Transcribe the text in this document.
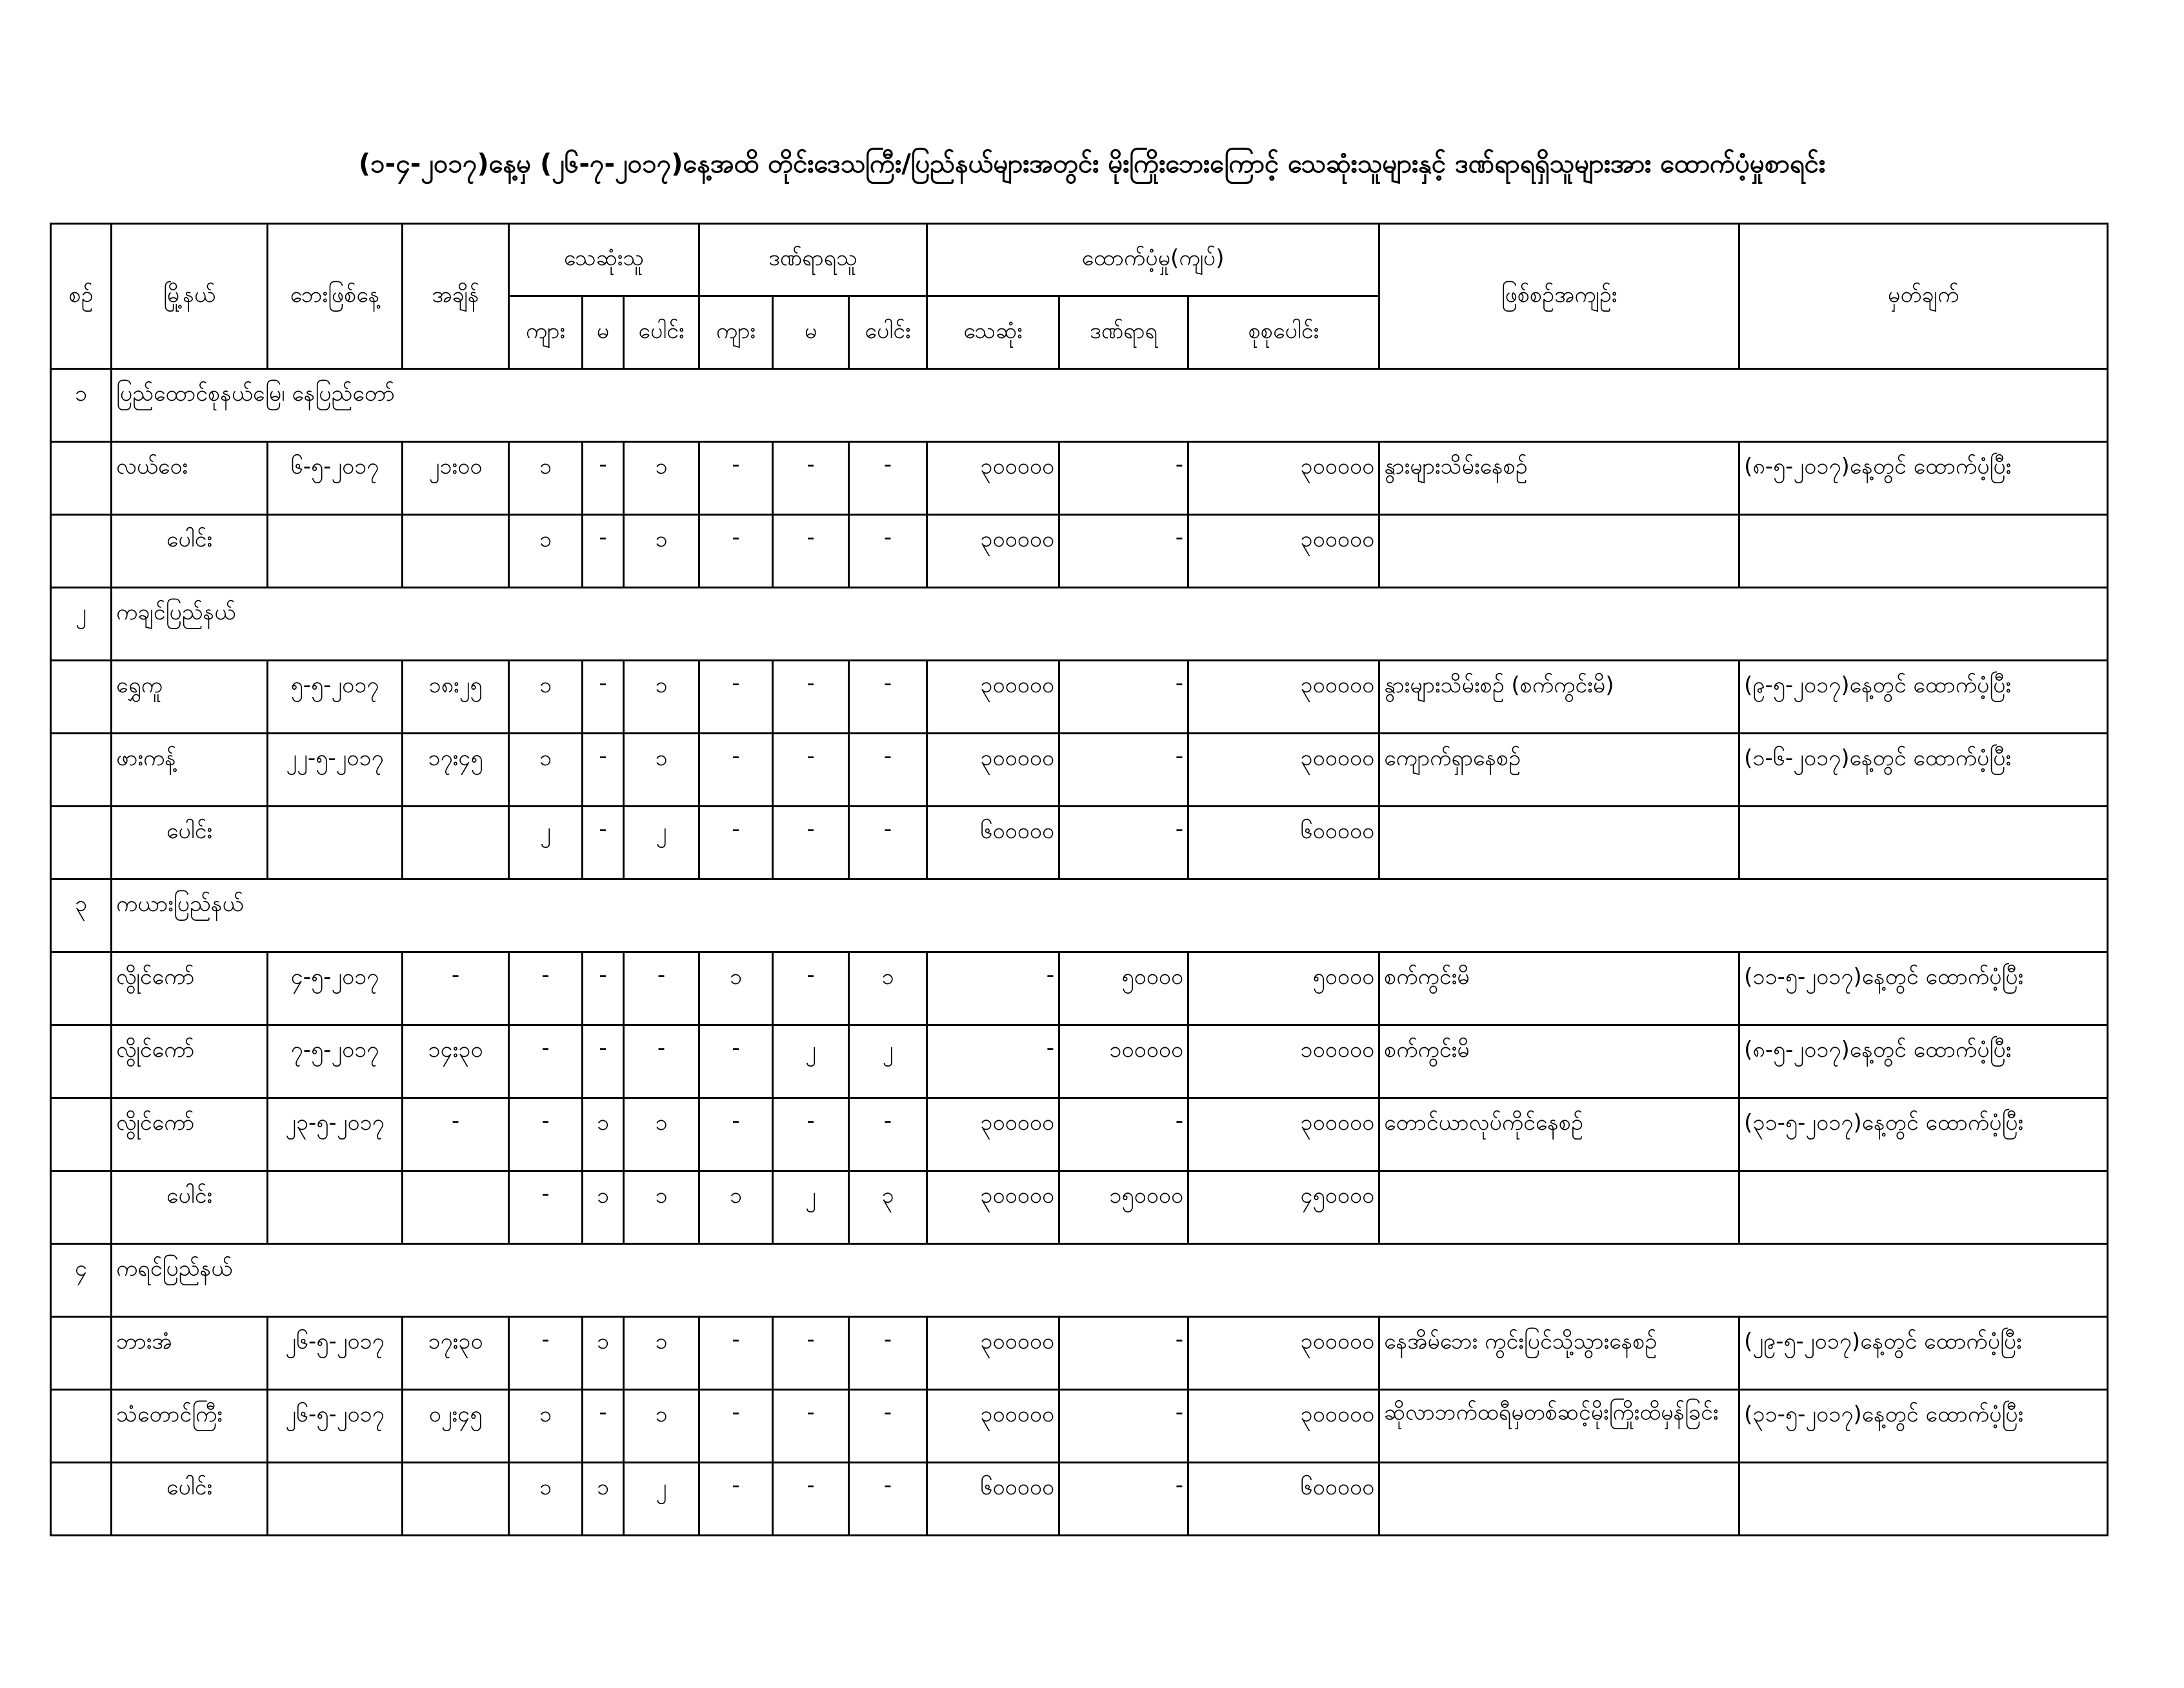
(၁-၄-၂၀၁၇)နေ့မှ (၂၆-၇-၂၀၁၇)နေ့အထိ တိုင်းဒေသကြီး/ပြည်နယ်များအတွင်း မိုးကြိုးဘေးကြောင့် သေဆုံးသူများနှင့် ဒဏ်ရာရရှိသူများအား ထောက်ပံ့မှုစာရင်း
စဉ်	မြို့နယ်	ဘေးဖြစ်နေ့	အချိန်	သေဆုံးသူ			ဒဏ်ရာရသူ			ထောက်ပံ့မှု(ကျပ်)			ဖြစ်စဉ်အကျဉ်း	မှတ်ချက်
				ကျား	မ	ပေါင်း	ကျား	မ	ပေါင်း	သေဆုံး	ဒဏ်ရာရ	စုစုပေါင်း		
၁	ပြည်ထောင်စုနယ်မြေ၊ နေပြည်တော်													
	လယ်ဝေး	၆-၅-၂၀၁၇	၂၁း၀၀	၁	-	၁	-	-	-	၃၀၀၀၀၀	-	၃၀၀၀၀၀	နွားများသိမ်းနေစဉ်	(၈-၅-၂၀၁၇)နေ့တွင် ထောက်ပံ့ပြီး
	ပေါင်း			၁	-	၁	-	-	-	၃၀၀၀၀၀	-	၃၀၀၀၀၀		
၂	ကချင်ပြည်နယ်													
	ရွှေကူ	၅-၅-၂၀၁၇	၁၈း၂၅	၁	-	၁	-	-	-	၃၀၀၀၀၀	-	၃၀၀၀၀၀	နွားများသိမ်းစဉ် (စက်ကွင်းမိ)	(၉-၅-၂၀၁၇)နေ့တွင် ထောက်ပံ့ပြီး
	ဖားကန့်	၂၂-၅-၂၀၁၇	၁၇း၄၅	၁	-	၁	-	-	-	၃၀၀၀၀၀	-	၃၀၀၀၀၀	ကျောက်ရှာနေစဉ်	(၁-၆-၂၀၁၇)နေ့တွင် ထောက်ပံ့ပြီး
	ပေါင်း			၂	-	၂	-	-	-	၆၀၀၀၀၀	-	၆၀၀၀၀၀		
၃	ကယားပြည်နယ်													
	လွိုင်ကော်	၄-၅-၂၀၁၇	-	-	-	-	၁	-	၁	-	၅၀၀၀၀	၅၀၀၀၀	စက်ကွင်းမိ	(၁၁-၅-၂၀၁၇)နေ့တွင် ထောက်ပံ့ပြီး
	လွိုင်ကော်	၇-၅-၂၀၁၇	၁၄း၃၀	-	-	-	-	၂	၂	-	၁၀၀၀၀၀	၁၀၀၀၀၀	စက်ကွင်းမိ	(၈-၅-၂၀၁၇)နေ့တွင် ထောက်ပံ့ပြီး
	လွိုင်ကော်	၂၃-၅-၂၀၁၇	-	-	၁	၁	-	-	-	၃၀၀၀၀၀	-	၃၀၀၀၀၀	တောင်ယာလုပ်ကိုင်နေစဉ်	(၃၁-၅-၂၀၁၇)နေ့တွင် ထောက်ပံ့ပြီး
	ပေါင်း			-	၁	၁	၁	၂	၃	၃၀၀၀၀၀	၁၅၀၀၀၀	၄၅၀၀၀၀		
၄	ကရင်ပြည်နယ်													
	ဘားအံ	၂၆-၅-၂၀၁၇	၁၇း၃၀	-	၁	၁	-	-	-	၃၀၀၀၀၀	-	၃၀၀၀၀၀	နေအိမ်ဘေး ကွင်းပြင်သို့သွားနေစဉ်	(၂၉-၅-၂၀၁၇)နေ့တွင် ထောက်ပံ့ပြီး
	သံတောင်ကြီး	၂၆-၅-၂၀၁၇	၀၂း၄၅	၁	-	၁	-	-	-	၃၀၀၀၀၀	-	၃၀၀၀၀၀	ဆိုလာဘက်ထရီမှတစ်ဆင့်မိုးကြိုးထိမှန်ခြင်း	(၃၁-၅-၂၀၁၇)နေ့တွင် ထောက်ပံ့ပြီး
	ပေါင်း			၁	၁	၂	-	-	-	၆၀၀၀၀၀	-	၆၀၀၀၀၀		
